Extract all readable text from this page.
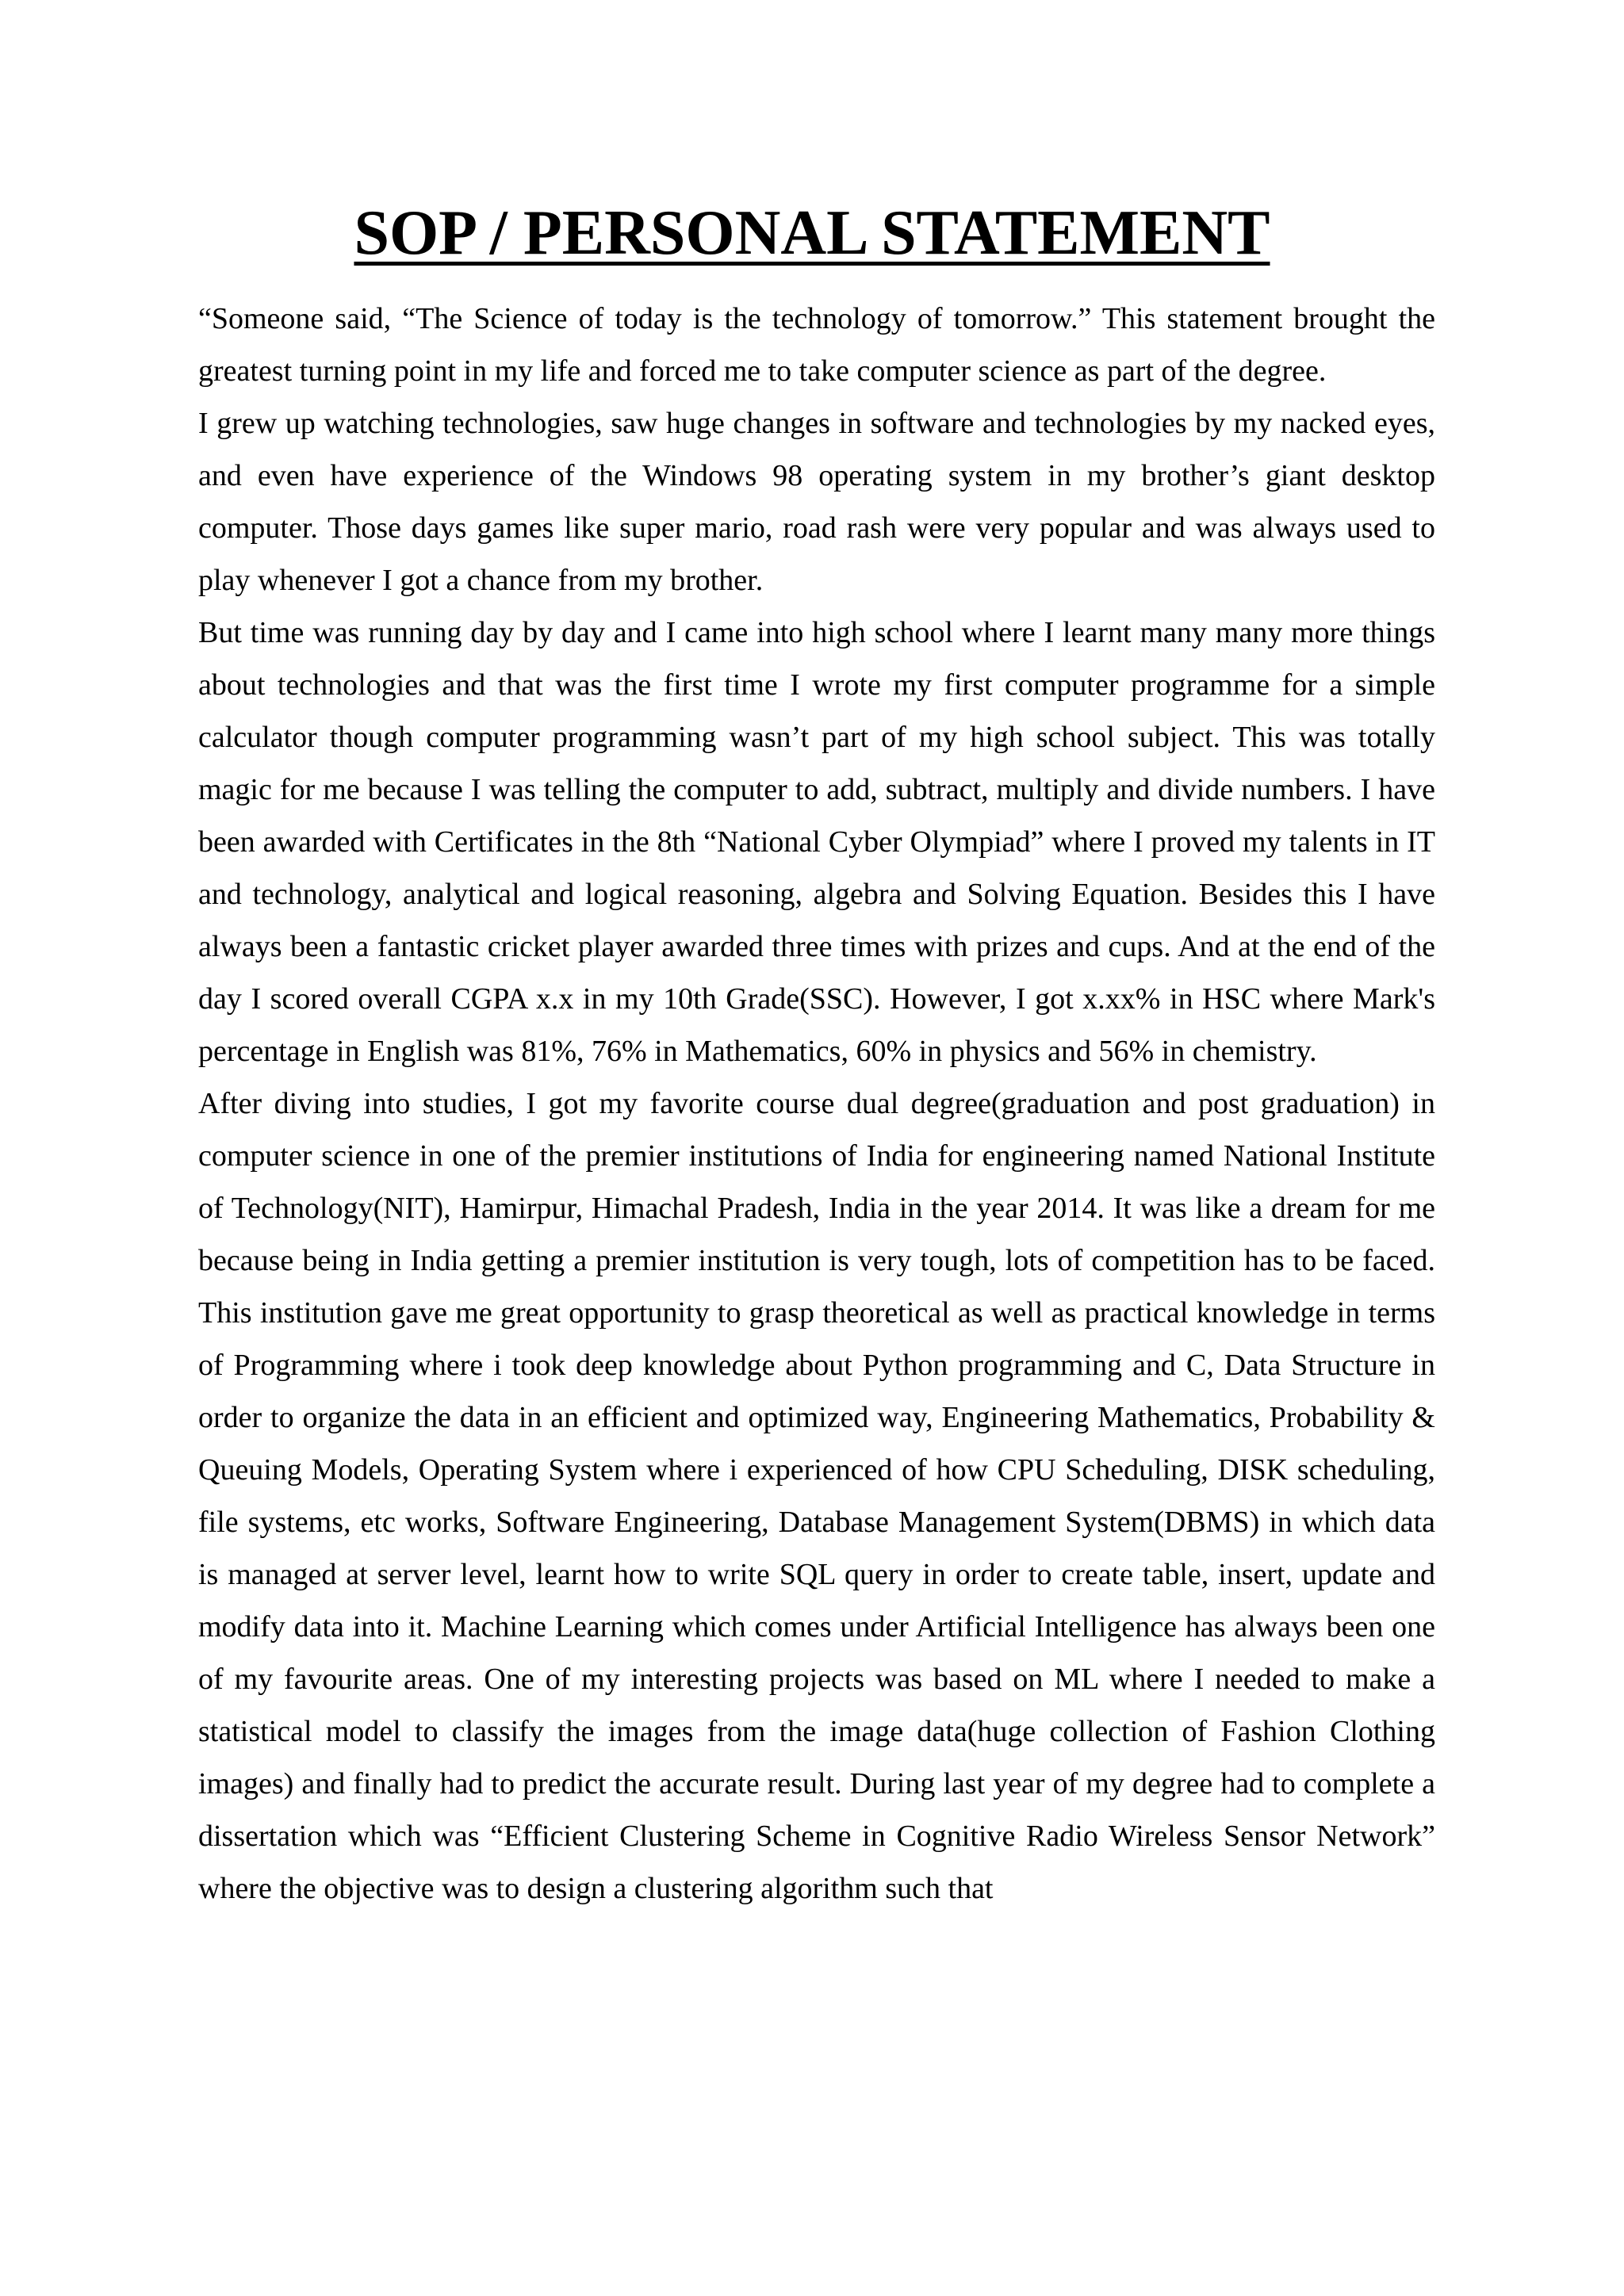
SOP / PERSONAL STATEMENT

“Someone said, “The Science of today is the technology of tomorrow.” This statement brought the greatest turning point in my life and forced me to take computer science as part of the degree.

I grew up watching technologies, saw huge changes in software and technologies by my nacked eyes, and even have experience of the Windows 98 operating system in my brother’s giant desktop computer. Those days games like super mario, road rash were very popular and was always used to play whenever I got a chance from my brother.

But time was running day by day and I came into high school where I learnt many many more things about technologies and that was the first time I wrote my first computer programme for a simple calculator though computer programming wasn’t part of my high school subject. This was totally magic for me because I was telling the computer to add, subtract, multiply and divide numbers. I have been awarded with Certificates in the 8th “National Cyber Olympiad” where I proved my talents in IT and technology, analytical and logical reasoning, algebra and Solving Equation. Besides this I have always been a fantastic cricket player awarded three times with prizes and cups. And at the end of the day I scored overall CGPA x.x in my 10th Grade(SSC). However, I got x.xx% in HSC where Mark's percentage in English was 81%, 76% in Mathematics, 60% in physics and 56% in chemistry.

After diving into studies, I got my favorite course dual degree(graduation and post graduation) in computer science in one of the premier institutions of India for engineering named National Institute of Technology(NIT), Hamirpur, Himachal Pradesh, India in the year 2014. It was like a dream for me because being in India getting a premier institution is very tough, lots of competition has to be faced. This institution gave me great opportunity to grasp theoretical as well as practical knowledge in terms of Programming where i took deep knowledge about Python programming and C, Data Structure in order to organize the data in an efficient and optimized way, Engineering Mathematics, Probability & Queuing Models, Operating System where i experienced of how CPU Scheduling, DISK scheduling, file systems, etc works, Software Engineering, Database Management System(DBMS) in which data is managed at server level, learnt how to write SQL query in order to create table, insert, update and modify data into it. Machine Learning which comes under Artificial Intelligence has always been one of my favourite areas. One of my interesting projects was based on ML where I needed to make a statistical model to classify the images from the image data(huge collection of Fashion Clothing images) and finally had to predict the accurate result. During last year of my degree had to complete a dissertation which was “Efficient Clustering Scheme in Cognitive Radio Wireless Sensor Network” where the objective was to design a clustering algorithm such that
